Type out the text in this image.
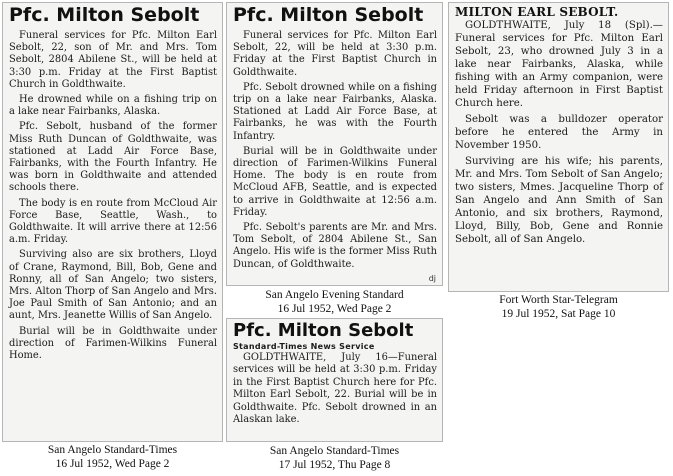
Pfc. Milton Sebolt

Funeral services for Pfc. Milton Earl Sebolt, 22, son of Mr. and Mrs. Tom Sebolt, 2804 Abilene St., will be held at 3:30 p.m. Friday at the First Baptist Church in Goldthwaite.

He drowned while on a fishing trip on a lake near Fairbanks, Alaska.

Pfc. Sebolt, husband of the former Miss Ruth Duncan of Goldthwaite, was stationed at Ladd Air Force Base, Fairbanks, with the Fourth Infantry. He was born in Goldthwaite and attended schools there.

The body is en route from McCloud Air Force Base, Seattle, Wash., to Goldthwaite. It will arrive there at 12:56 a.m. Friday.

Surviving also are six brothers, Lloyd of Crane, Raymond, Bill, Bob, Gene and Ronny, all of San Angelo; two sisters, Mrs. Alton Thorp of San Angelo and Mrs. Joe Paul Smith of San Antonio; and an aunt, Mrs. Jeanette Willis of San Angelo.

Burial will be in Goldthwaite under direction of Farimen-Wilkins Funeral Home.

San Angelo Standard-Times
16 Jul 1952, Wed Page 2
Pfc. Milton Sebolt

Funeral services for Pfc. Milton Earl Sebolt, 22, will be held at 3:30 p.m. Friday at the First Baptist Church in Goldthwaite.

Pfc. Sebolt drowned while on a fishing trip on a lake near Fairbanks, Alaska. Stationed at Ladd Air Force Base, at Fairbanks, he was with the Fourth Infantry.

Burial will be in Goldthwaite under direction of Farimen-Wilkins Funeral Home. The body is en route from McCloud AFB, Seattle, and is expected to arrive in Goldthwaite at 12:56 a.m. Friday.

Pfc. Sebolt's parents are Mr. and Mrs. Tom Sebolt, of 2804 Abilene St., San Angelo. His wife is the former Miss Ruth Duncan, of Goldthwaite.

dj
San Angelo Evening Standard
16 Jul 1952, Wed Page 2
MILTON EARL SEBOLT.

GOLDTHWAITE, July 18 (Spl).—Funeral services for Pfc. Milton Earl Sebolt, 23, who drowned July 3 in a lake near Fairbanks, Alaska, while fishing with an Army companion, were held Friday afternoon in First Baptist Church here.

Sebolt was a bulldozer operator before he entered the Army in November 1950.

Surviving are his wife; his parents, Mr. and Mrs. Tom Sebolt of San Angelo; two sisters, Mmes. Jacqueline Thorp of San Angelo and Ann Smith of San Antonio, and six brothers, Raymond, Lloyd, Billy, Bob, Gene and Ronnie Sebolt, all of San Angelo.

Fort Worth Star-Telegram
19 Jul 1952, Sat Page 10
Pfc. Milton Sebolt
Standard-Times News Service

GOLDTHWAITE, July 16—Funeral services will be held at 3:30 p.m. Friday in the First Baptist Church here for Pfc. Milton Earl Sebolt, 22. Burial will be in Goldthwaite. Pfc. Sebolt drowned in an Alaskan lake.

San Angelo Standard-Times
17 Jul 1952, Thu Page 8
